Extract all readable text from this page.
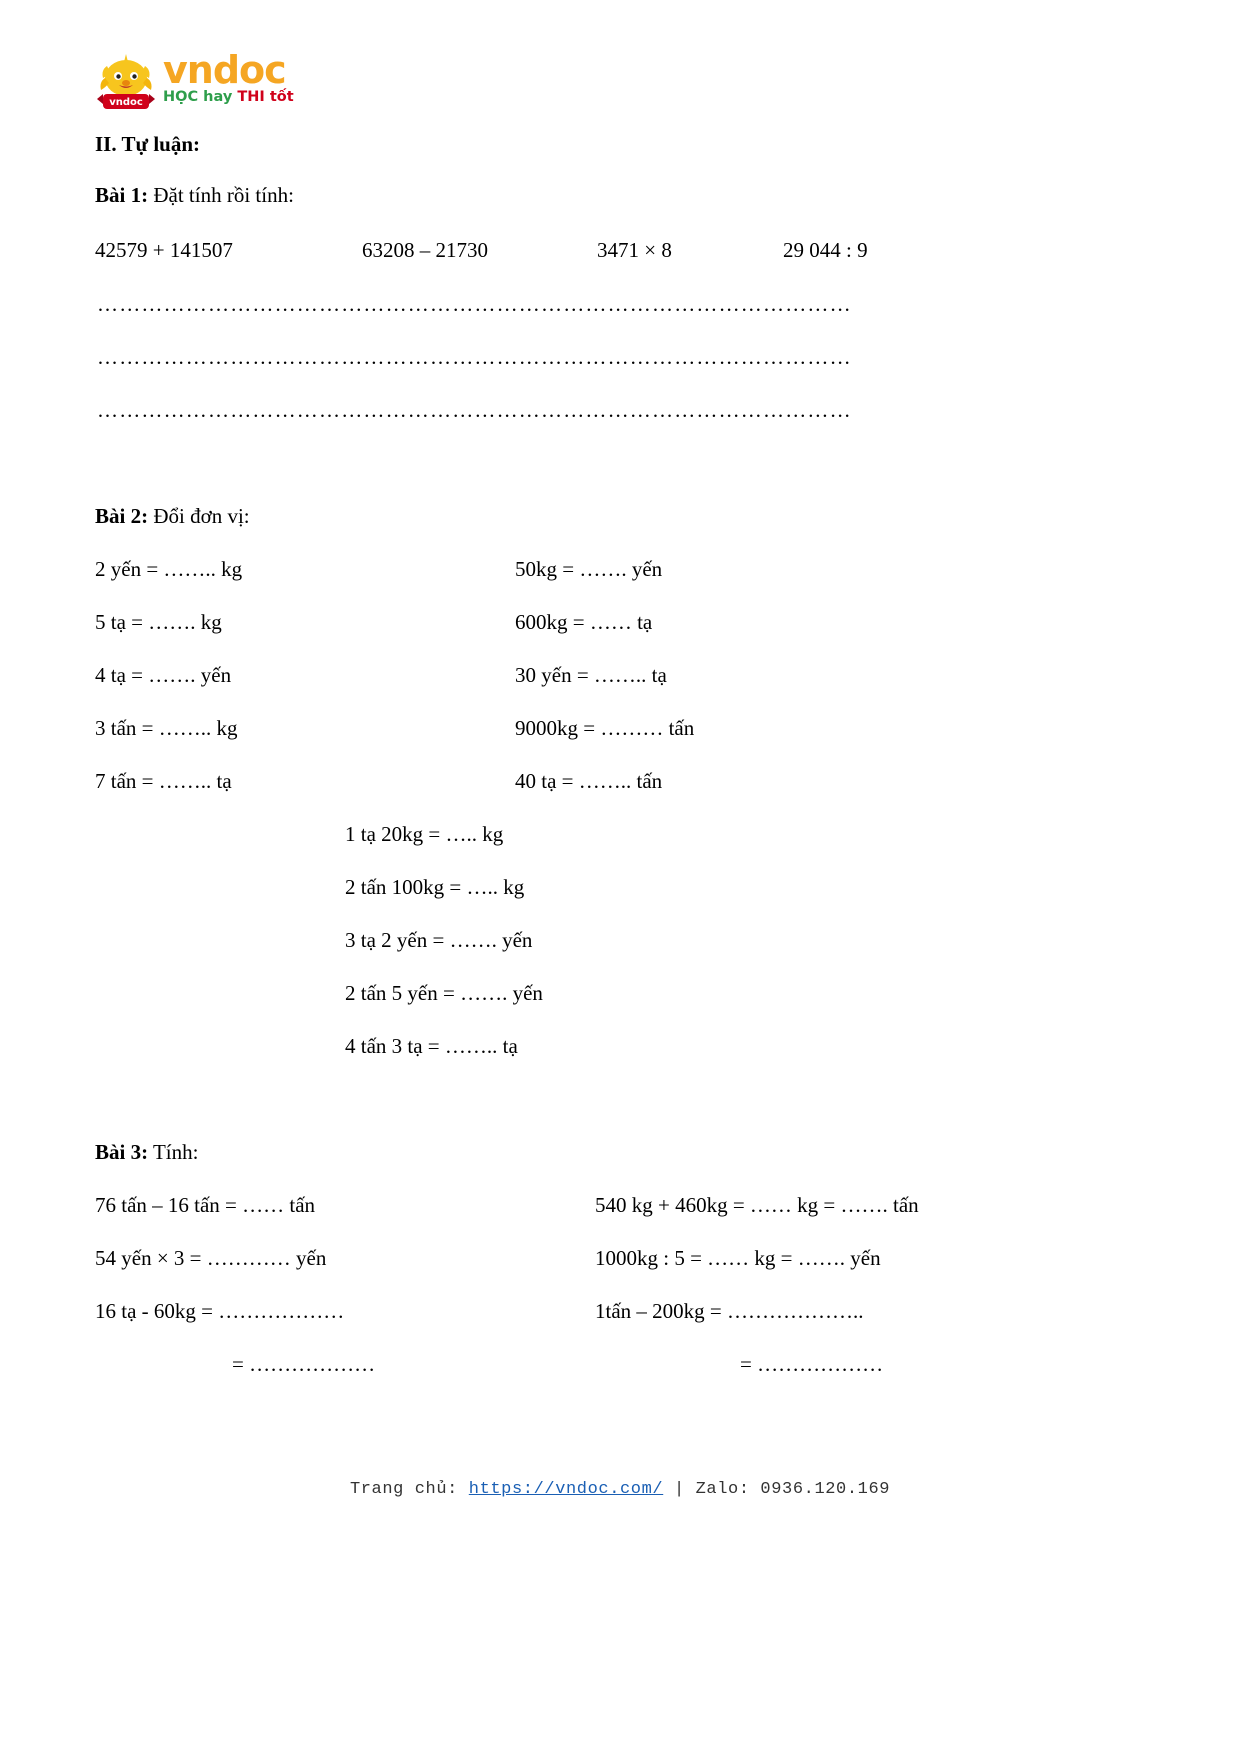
vndoc
vndoc
HỌC hay THI tốt
II. Tự luận:
Bài 1: Đặt tính rồi tính:
42579 + 141507	63208 – 21730	3471 × 8	29 044 : 9
…………………………………………………………………………………………
…………………………………………………………………………………………
…………………………………………………………………………………………
Bài 2: Đổi đơn vị:
2 yến = …….. kg
5 tạ = ……. kg
4 tạ = ……. yến
3 tấn = …….. kg
7 tấn = …….. tạ
50kg = ……. yến
600kg = …… tạ
30 yến = …….. tạ
9000kg = ……… tấn
40 tạ = …….. tấn
1 tạ 20kg = ….. kg
2 tấn 100kg = ….. kg
3 tạ 2 yến = ……. yến
2 tấn 5 yến = ……. yến
4 tấn 3 tạ = …….. tạ
Bài 3: Tính:
76 tấn – 16 tấn = …… tấn
54 yến × 3 = ………… yến
16 tạ - 60kg = ………………
= ………………
540 kg + 460kg = …… kg = ……. tấn
1000kg : 5 = …… kg = ……. yến
1tấn – 200kg = ………………..
= ………………
Trang chủ: https://vndoc.com/ | Zalo: 0936.120.169
